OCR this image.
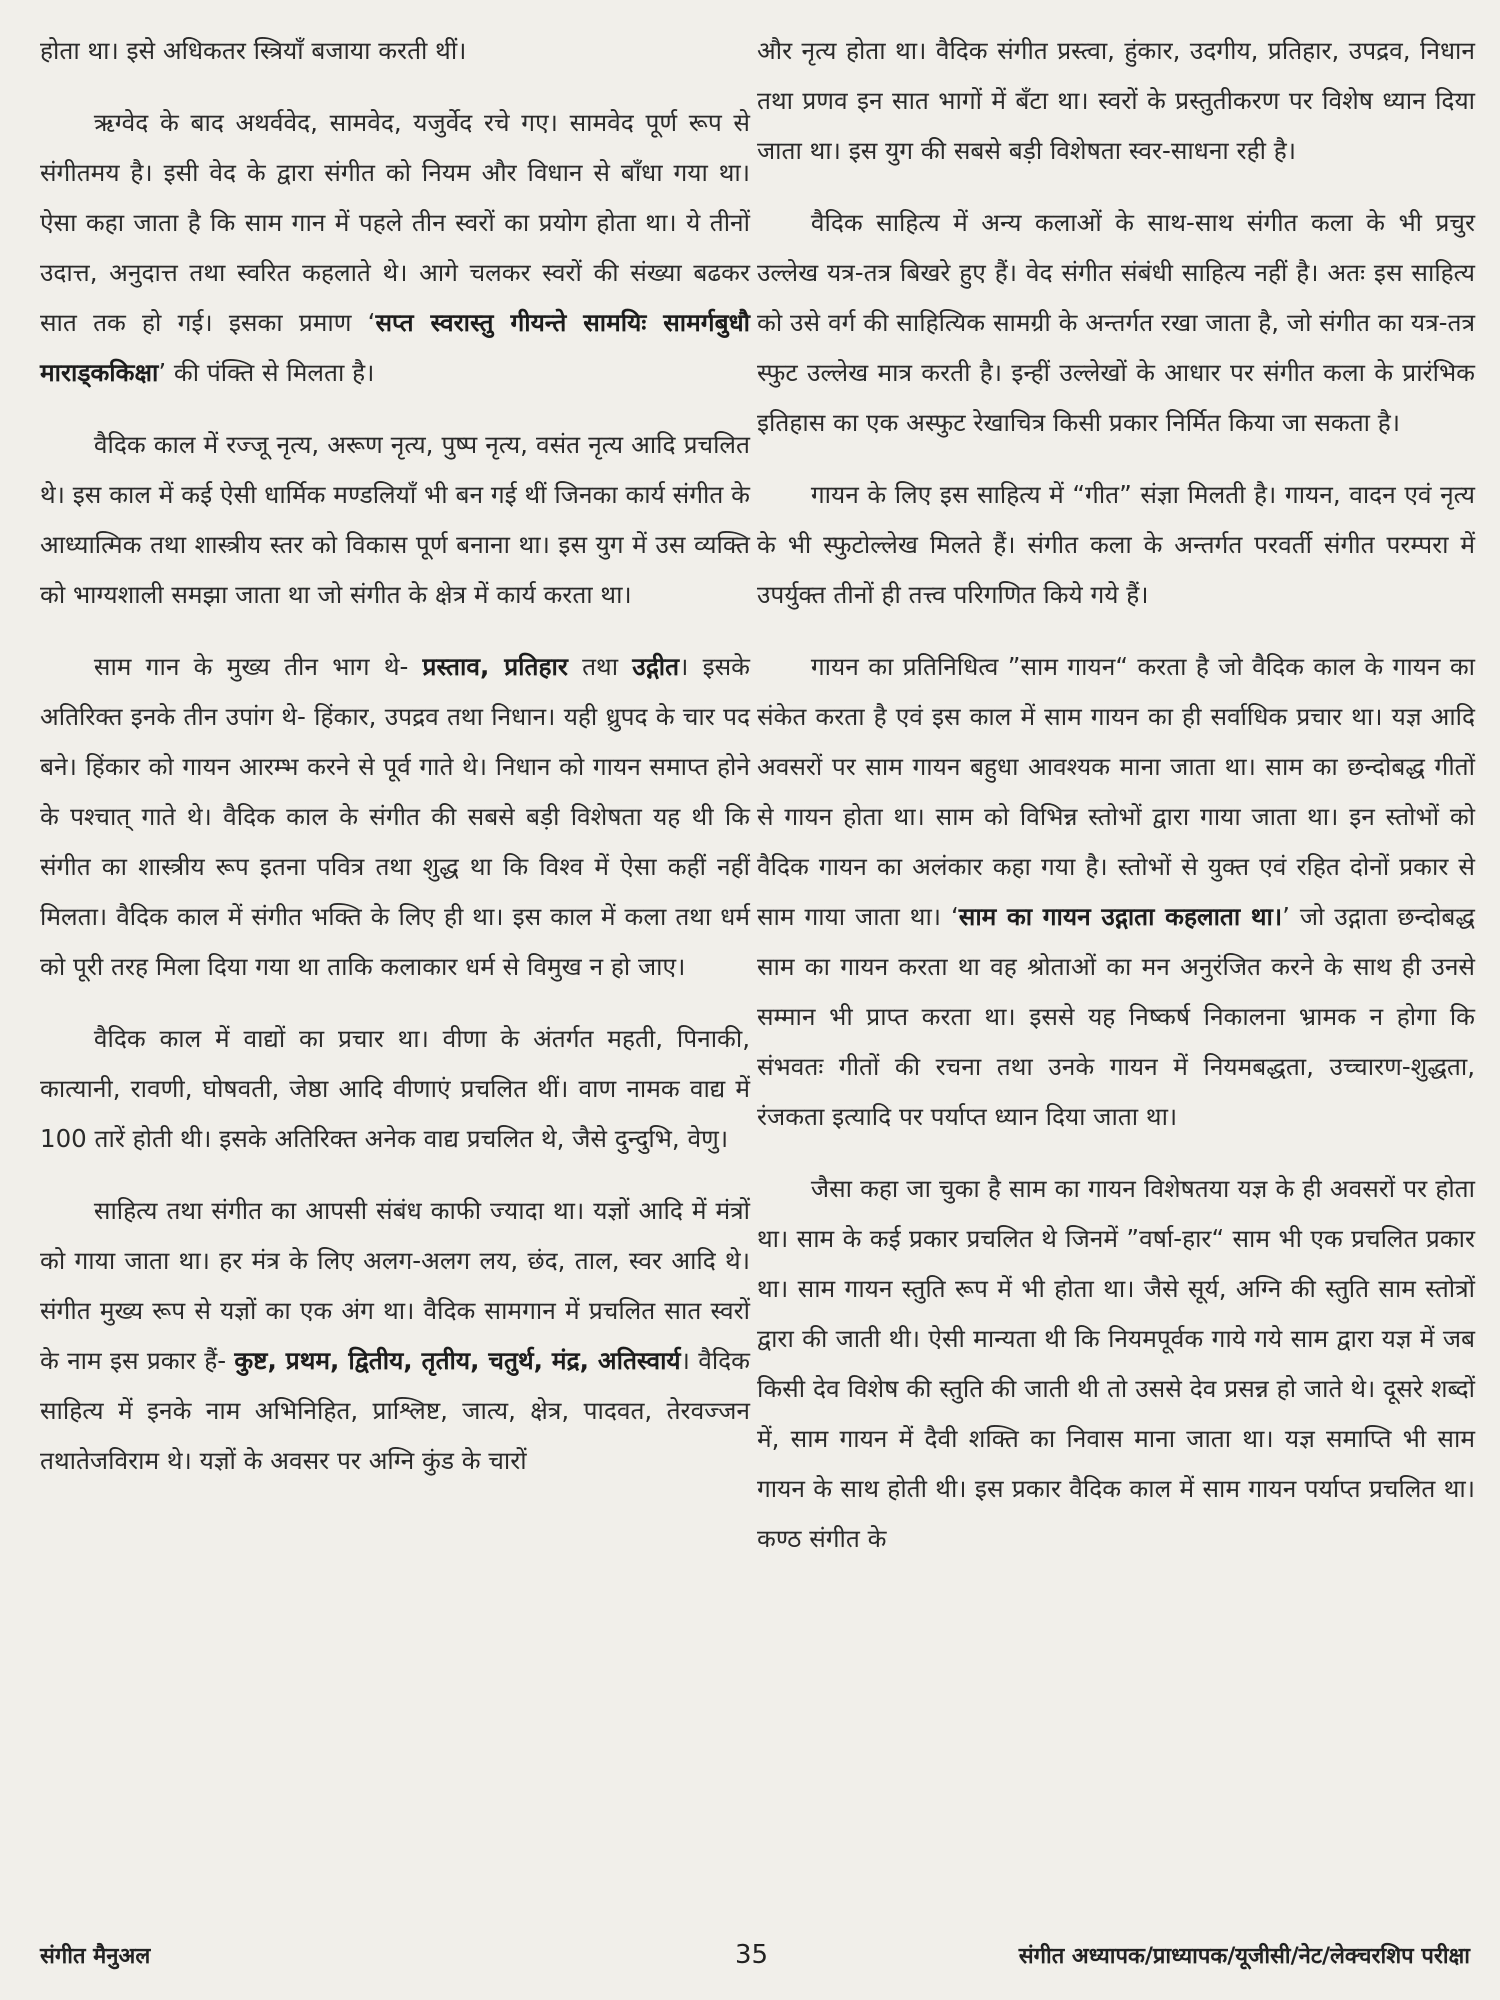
होता था। इसे अधिकतर स्त्रियाँ बजाया करती थीं।

ऋग्वेद के बाद अथर्ववेद, सामवेद, यजुर्वेद रचे गए। सामवेद पूर्ण रूप से संगीतमय है। इसी वेद के द्वारा संगीत को नियम और विधान से बाँधा गया था। ऐसा कहा जाता है कि साम गान में पहले तीन स्वरों का प्रयोग होता था। ये तीनों उदात्त, अनुदात्त तथा स्वरित कहलाते थे। आगे चलकर स्वरों की संख्या बढकर सात तक हो गई। इसका प्रमाण ‘सप्त स्वरास्तु गीयन्ते सामयिः सामर्गबुधौ माराड्ककिक्षा’ की पंक्ति से मिलता है।

वैदिक काल में रज्जू नृत्य, अरूण नृत्य, पुष्प नृत्य, वसंत नृत्य आदि प्रचलित थे। इस काल में कई ऐसी धार्मिक मण्डलियाँ भी बन गई थीं जिनका कार्य संगीत के आध्यात्मिक तथा शास्त्रीय स्तर को विकास पूर्ण बनाना था। इस युग में उस व्यक्ति को भाग्यशाली समझा जाता था जो संगीत के क्षेत्र में कार्य करता था।

साम गान के मुख्य तीन भाग थे- प्रस्ताव, प्रतिहार तथा उद्गीत। इसके अतिरिक्त इनके तीन उपांग थे- हिंकार, उपद्रव तथा निधान। यही ध्रुपद के चार पद बने। हिंकार को गायन आरम्भ करने से पूर्व गाते थे। निधान को गायन समाप्त होने के पश्चात् गाते थे। वैदिक काल के संगीत की सबसे बड़ी विशेषता यह थी कि संगीत का शास्त्रीय रूप इतना पवित्र तथा शुद्ध था कि विश्व में ऐसा कहीं नहीं मिलता। वैदिक काल में संगीत भक्ति के लिए ही था। इस काल में कला तथा धर्म को पूरी तरह मिला दिया गया था ताकि कलाकार धर्म से विमुख न हो जाए।

वैदिक काल में वाद्यों का प्रचार था। वीणा के अंतर्गत महती, पिनाकी, कात्यानी, रावणी, घोषवती, जेष्ठा आदि वीणाएं प्रचलित थीं। वाण नामक वाद्य में 100 तारें होती थी। इसके अतिरिक्त अनेक वाद्य प्रचलित थे, जैसे दुन्दुभि, वेणु।

साहित्य तथा संगीत का आपसी संबंध काफी ज्यादा था। यज्ञों आदि में मंत्रों को गाया जाता था। हर मंत्र के लिए अलग-अलग लय, छंद, ताल, स्वर आदि थे। संगीत मुख्य रूप से यज्ञों का एक अंग था। वैदिक सामगान में प्रचलित सात स्वरों के नाम इस प्रकार हैं- कुष्ट, प्रथम, द्वितीय, तृतीय, चतुर्थ, मंद्र, अतिस्वार्य। वैदिक साहित्य में इनके नाम अभिनिहित, प्राश्लिष्ट, जात्य, क्षेत्र, पादवत, तेरवज्जन तथातेजविराम थे। यज्ञों के अवसर पर अग्नि कुंड के चारों

और नृत्य होता था। वैदिक संगीत प्रस्त्वा, हुंकार, उदगीय, प्रतिहार, उपद्रव, निधान तथा प्रणव इन सात भागों में बँटा था। स्वरों के प्रस्तुतीकरण पर विशेष ध्यान दिया जाता था। इस युग की सबसे बड़ी विशेषता स्वर-साधना रही है।

वैदिक साहित्य में अन्य कलाओं के साथ-साथ संगीत कला के भी प्रचुर उल्लेख यत्र-तत्र बिखरे हुए हैं। वेद संगीत संबंधी साहित्य नहीं है। अतः इस साहित्य को उसे वर्ग की साहित्यिक सामग्री के अन्तर्गत रखा जाता है, जो संगीत का यत्र-तत्र स्फुट उल्लेख मात्र करती है। इन्हीं उल्लेखों के आधार पर संगीत कला के प्रारंभिक इतिहास का एक अस्फुट रेखाचित्र किसी प्रकार निर्मित किया जा सकता है।

गायन के लिए इस साहित्य में “गीत” संज्ञा मिलती है। गायन, वादन एवं नृत्य के भी स्फुटोल्लेख मिलते हैं। संगीत कला के अन्तर्गत परवर्ती संगीत परम्परा में उपर्युक्त तीनों ही तत्त्व परिगणित किये गये हैं।

गायन का प्रतिनिधित्व ”साम गायन“ करता है जो वैदिक काल के गायन का संकेत करता है एवं इस काल में साम गायन का ही सर्वाधिक प्रचार था। यज्ञ आदि अवसरों पर साम गायन बहुधा आवश्यक माना जाता था। साम का छन्दोबद्ध गीतों से गायन होता था। साम को विभिन्न स्तोभों द्वारा गाया जाता था। इन स्तोभों को वैदिक गायन का अलंकार कहा गया है। स्तोभों से युक्त एवं रहित दोनों प्रकार से साम गाया जाता था। ‘साम का गायन उद्गाता कहलाता था।’ जो उद्गाता छन्दोबद्ध साम का गायन करता था वह श्रोताओं का मन अनुरंजित करने के साथ ही उनसे सम्मान भी प्राप्त करता था। इससे यह निष्कर्ष निकालना भ्रामक न होगा कि संभवतः गीतों की रचना तथा उनके गायन में नियमबद्धता, उच्चारण-शुद्धता, रंजकता इत्यादि पर पर्याप्त ध्यान दिया जाता था।

जैसा कहा जा चुका है साम का गायन विशेषतया यज्ञ के ही अवसरों पर होता था। साम के कई प्रकार प्रचलित थे जिनमें ”वर्षा-हार“ साम भी एक प्रचलित प्रकार था। साम गायन स्तुति रूप में भी होता था। जैसे सूर्य, अग्नि की स्तुति साम स्तोत्रों द्वारा की जाती थी। ऐसी मान्यता थी कि नियमपूर्वक गाये गये साम द्वारा यज्ञ में जब किसी देव विशेष की स्तुति की जाती थी तो उससे देव प्रसन्न हो जाते थे। दूसरे शब्दों में, साम गायन में दैवी शक्ति का निवास माना जाता था। यज्ञ समाप्ति भी साम गायन के साथ होती थी। इस प्रकार वैदिक काल में साम गायन पर्याप्त प्रचलित था। कण्ठ संगीत के

संगीत मैनुअल	35	संगीत अध्यापक/प्राध्यापक/यूजीसी/नेट/लेक्चरशिप परीक्षा
